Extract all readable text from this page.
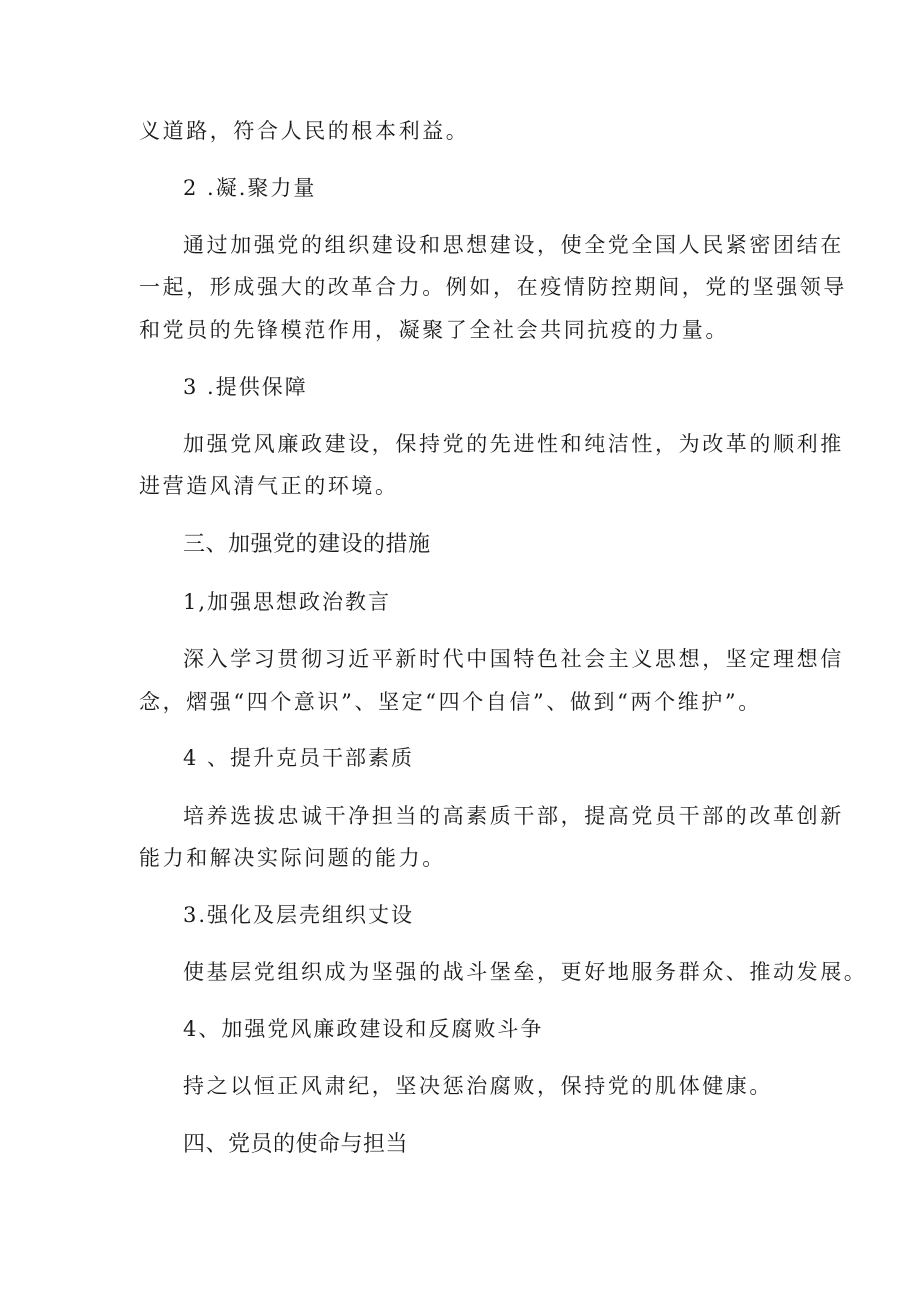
义道路，符合人民的根本利益。

2 .凝.聚力量

通过加强党的组织建设和思想建设，使全党全国人民紧密团结在

一起，形成强大的改革合力。例如，在疫情防控期间，党的坚强领导

和党员的先锋模范作用，凝聚了全社会共同抗疫的力量。

3 .提供保障

加强党风廉政建设，保持党的先进性和纯洁性，为改革的顺利推

进营造风清气正的环境。

三、加强党的建设的措施

1,加强思想政治教言

深入学习贯彻习近平新时代中国特色社会主义思想，坚定理想信

念，熠强“四个意识”、坚定“四个自信”、做到“两个维护”。

4 、提升克员干部素质

培养选拔忠诚干净担当的高素质干部，提高党员干部的改革创新

能力和解决实际问题的能力。

3.强化及层壳组织丈设

使基层党组织成为坚强的战斗堡垒，更好地服务群众、推动发展。

4、加强党风廉政建设和反腐败斗争

持之以恒正风肃纪，坚决惩治腐败，保持党的肌体健康。

四、党员的使命与担当
